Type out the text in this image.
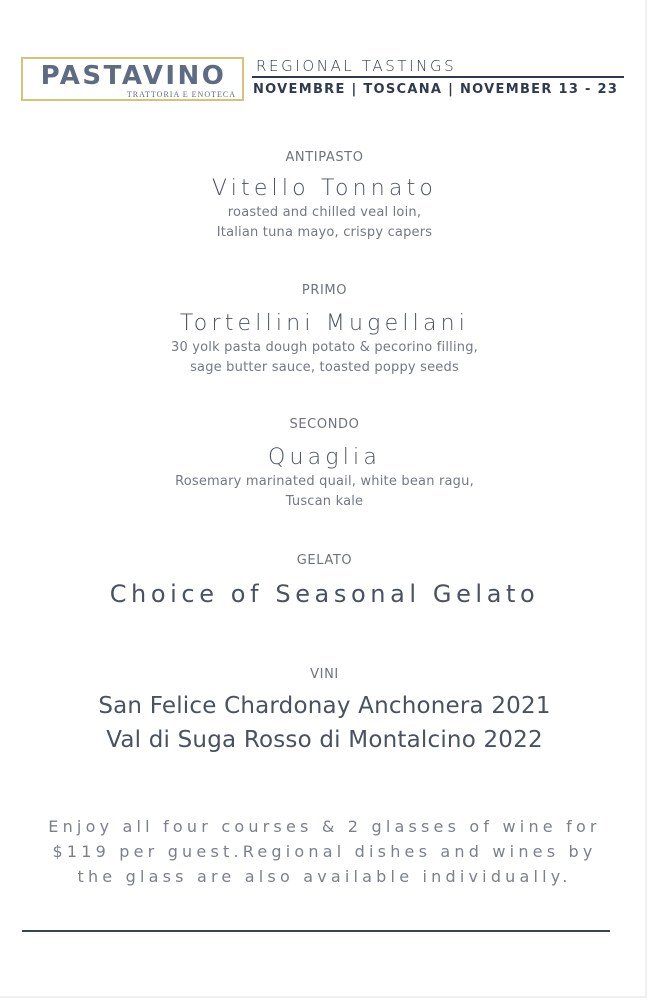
PASTAVINO
TRATTORIA E ENOTECA
REGIONAL TASTINGS
NOVEMBRE | TOSCANA | NOVEMBER 13 - 23
ANTIPASTO
Vitello Tonnato
roasted and chilled veal loin,
Italian tuna mayo, crispy capers
PRIMO
Tortellini Mugellani
30 yolk pasta dough potato & pecorino filling,
sage butter sauce, toasted poppy seeds
SECONDO
Quaglia
Rosemary marinated quail, white bean ragu,
Tuscan kale
GELATO
Choice of Seasonal Gelato
VINI
San Felice Chardonay Anchonera 2021
Val di Suga Rosso di Montalcino 2022
Enjoy all four courses & 2 glasses of wine for
$119 per guest.Regional dishes and wines by
the glass are also available individually.
